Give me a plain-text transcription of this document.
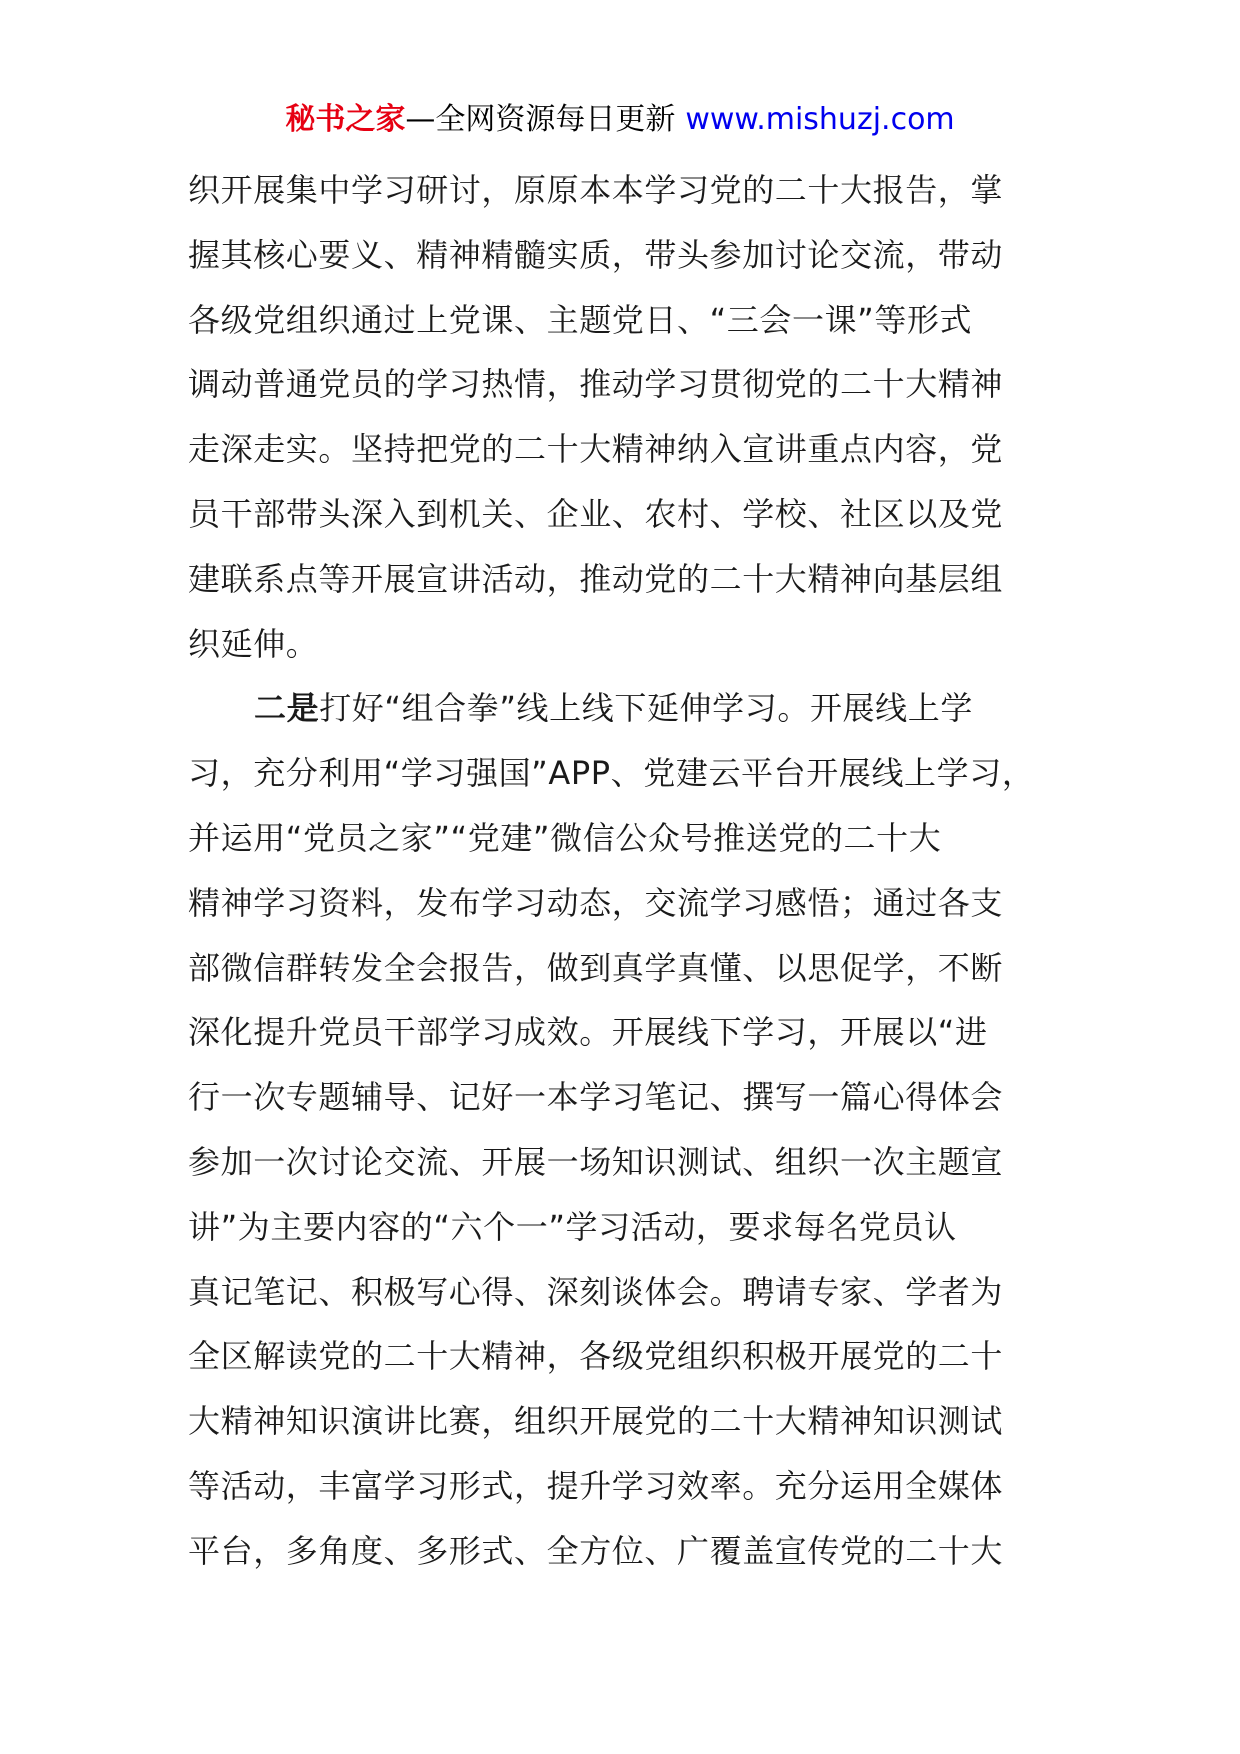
秘书之家—全网资源每日更新 www.mishuzj.com
织开展集中学习研讨，原原本本学习党的二十大报告，掌
握其核心要义、精神精髓实质，带头参加讨论交流，带动
各级党组织通过上党课、主题党日、“三会一课”等形式
调动普通党员的学习热情，推动学习贯彻党的二十大精神
走深走实。坚持把党的二十大精神纳入宣讲重点内容，党
员干部带头深入到机关、企业、农村、学校、社区以及党
建联系点等开展宣讲活动，推动党的二十大精神向基层组
织延伸。
二是打好“组合拳”线上线下延伸学习。开展线上学
习，充分利用“学习强国”APP、党建云平台开展线上学习，
并运用“党员之家”“党建”微信公众号推送党的二十大
精神学习资料，发布学习动态，交流学习感悟；通过各支
部微信群转发全会报告，做到真学真懂、以思促学，不断
深化提升党员干部学习成效。开展线下学习，开展以“进
行一次专题辅导、记好一本学习笔记、撰写一篇心得体会
参加一次讨论交流、开展一场知识测试、组织一次主题宣
讲”为主要内容的“六个一”学习活动，要求每名党员认
真记笔记、积极写心得、深刻谈体会。聘请专家、学者为
全区解读党的二十大精神，各级党组织积极开展党的二十
大精神知识演讲比赛，组织开展党的二十大精神知识测试
等活动，丰富学习形式，提升学习效率。充分运用全媒体
平台，多角度、多形式、全方位、广覆盖宣传党的二十大
